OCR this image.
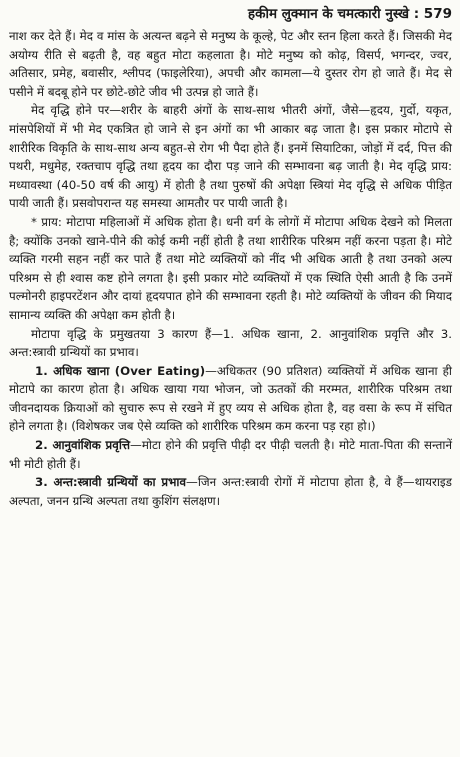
हकीम लुक्मान के चमत्कारी नुस्खे : 579

नाश कर देते हैं। मेद व मांस के अत्यन्त बढ़ने से मनुष्य के कूल्हे, पेट और स्तन हिला करते हैं। जिसकी मेद अयोग्य रीति से बढ़ती है, वह बहुत मोटा कहलाता है। मोटे मनुष्य को कोढ़, विसर्प, भगन्दर, ज्वर, अतिसार, प्रमेह, बवासीर, श्लीपद (फाइलेरिया), अपची और कामला—ये दुस्तर रोग हो जाते हैं। मेद से पसीने में बदबू होने पर छोटे-छोटे जीव भी उत्पन्न हो जाते हैं।

मेद वृद्धि होने पर—शरीर के बाहरी अंगों के साथ-साथ भीतरी अंगों, जैसे—हृदय, गुर्दो, यकृत, मांसपेशियों में भी मेद एकत्रित हो जाने से इन अंगों का भी आकार बढ़ जाता है। इस प्रकार मोटापे से शारीरिक विकृति के साथ-साथ अन्य बहुत-से रोग भी पैदा होते हैं। इनमें सियाटिका, जोड़ों में दर्द, पित्त की पथरी, मधुमेह, रक्तचाप वृद्धि तथा हृदय का दौरा पड़ जाने की सम्भावना बढ़ जाती है। मेद वृद्धि प्राय: मध्यावस्था (40-50 वर्ष की आयु) में होती है तथा पुरुषों की अपेक्षा स्त्रियां मेद वृद्धि से अधिक पीड़ित पायी जाती हैं। प्रसवोपरान्त यह समस्या आमतौर पर पायी जाती है।

* प्राय: मोटापा महिलाओं में अधिक होता है। धनी वर्ग के लोगों में मोटापा अधिक देखने को मिलता है; क्योंकि उनको खाने-पीने की कोई कमी नहीं होती है तथा शारीरिक परिश्रम नहीं करना पड़ता है। मोटे व्यक्ति गरमी सहन नहीं कर पाते हैं तथा मोटे व्यक्तियों को नींद भी अधिक आती है तथा उनको अल्प परिश्रम से ही श्वास कष्ट होने लगता है। इसी प्रकार मोटे व्यक्तियों में एक स्थिति ऐसी आती है कि उनमें पल्मोनरी हाइपरटेंशन और दायां हृदयपात होने की सम्भावना रहती है। मोटे व्यक्तियों के जीवन की मियाद सामान्य व्यक्ति की अपेक्षा कम होती है।

मोटापा वृद्धि के प्रमुखतया 3 कारण हैं—1. अधिक खाना, 2. आनुवांशिक प्रवृत्ति और 3. अन्त:स्त्रावी ग्रन्थियों का प्रभाव।

1. अधिक खाना (Over Eating)—अधिकतर (90 प्रतिशत) व्यक्तियों में अधिक खाना ही मोटापे का कारण होता है। अधिक खाया गया भोजन, जो ऊतकों की मरम्मत, शारीरिक परिश्रम तथा जीवनदायक क्रियाओं को सुचारु रूप से रखने में हुए व्यय से अधिक होता है, वह वसा के रूप में संचित होने लगता है। (विशेषकर जब ऐसे व्यक्ति को शारीरिक परिश्रम कम करना पड़ रहा हो।)

2. आनुवांशिक प्रवृत्ति—मोटा होने की प्रवृत्ति पीढ़ी दर पीढ़ी चलती है। मोटे माता-पिता की सन्तानें भी मोटी होती हैं।

3. अन्त:स्त्रावी ग्रन्थियों का प्रभाव—जिन अन्त:स्त्रावी रोगों में मोटापा होता है, वे हैं—थायराइड अल्पता, जनन ग्रन्थि अल्पता तथा कुशिंग संलक्षण।
